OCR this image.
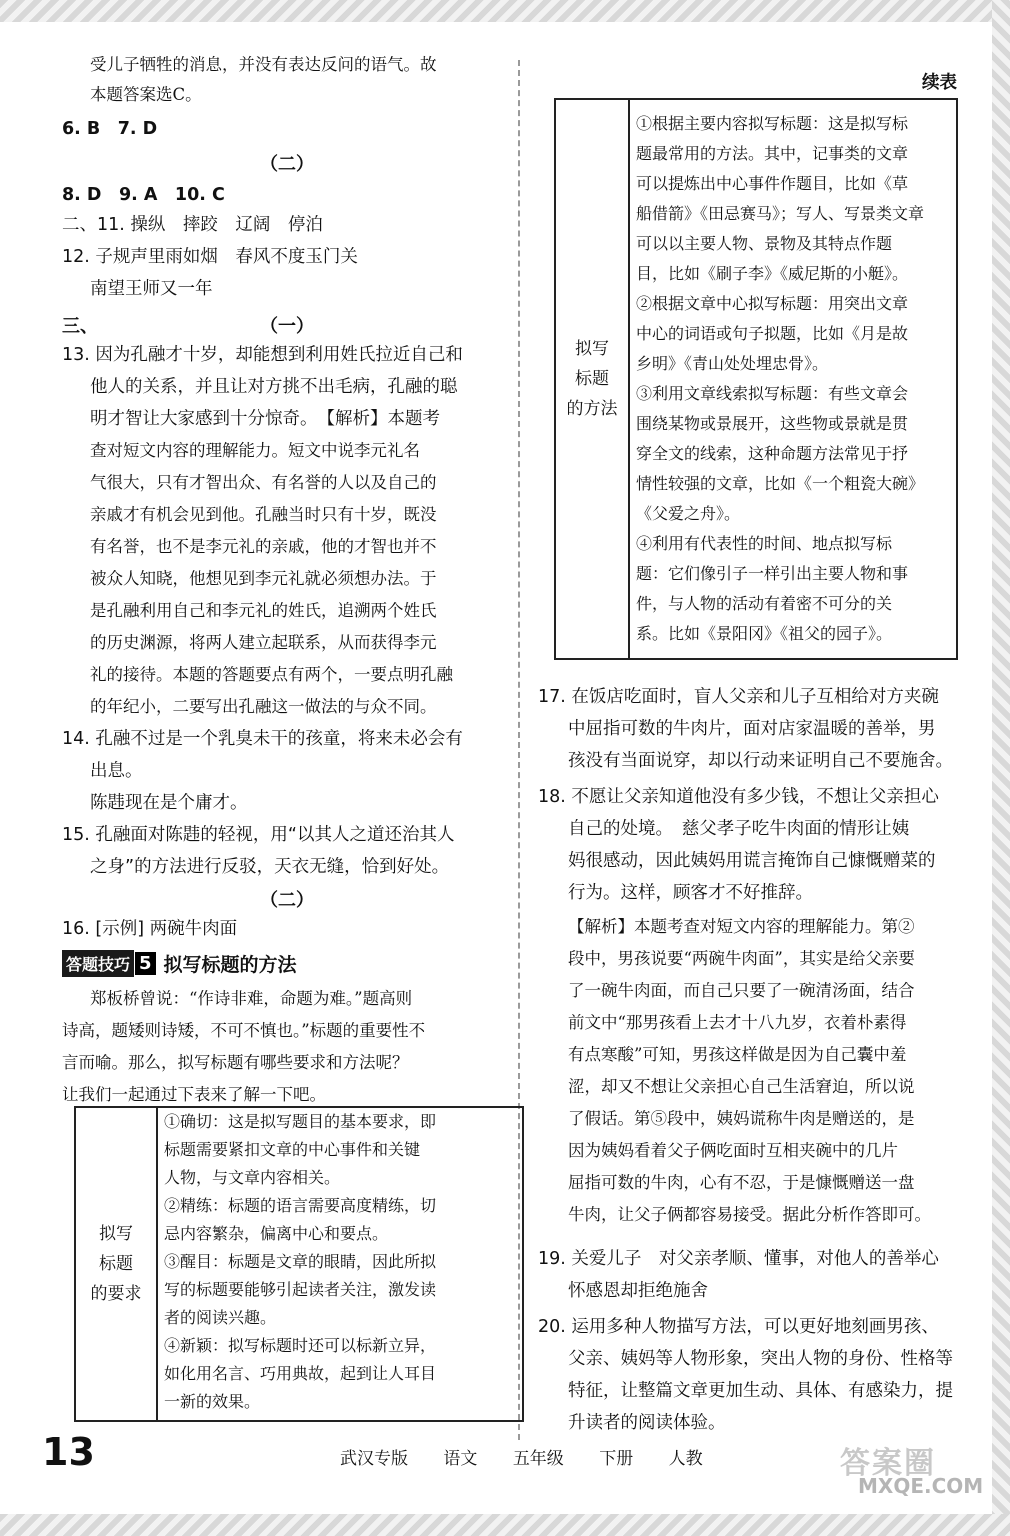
受儿子牺牲的消息，并没有表达反问的语气。故
本题答案选C。
6. B　7. D
（二）
8. D　9. A　10. C
二、11. 操纵　摔跤　辽阔　停泊
12. 子规声里雨如烟　春风不度玉门关
南望王师又一年
三、	（一）
13. 因为孔融才十岁，却能想到利用姓氏拉近自己和
他人的关系，并且让对方挑不出毛病，孔融的聪
明才智让大家感到十分惊奇。　【解析】本题考
查对短文内容的理解能力。短文中说李元礼名
气很大，只有才智出众、有名誉的人以及自己的
亲戚才有机会见到他。孔融当时只有十岁，既没
有名誉，也不是李元礼的亲戚，他的才智也并不
被众人知晓，他想见到李元礼就必须想办法。于
是孔融利用自己和李元礼的姓氏，追溯两个姓氏
的历史渊源，将两人建立起联系，从而获得李元
礼的接待。本题的答题要点有两个，一要点明孔融
的年纪小，二要写出孔融这一做法的与众不同。
14. 孔融不过是一个乳臭未干的孩童，将来未必会有
出息。
陈韪现在是个庸才。
15. 孔融面对陈韪的轻视，用“以其人之道还治其人
之身”的方法进行反驳，天衣无缝，恰到好处。
（二）
16. [示例] 两碗牛肉面
答题技巧 5 拟写标题的方法
郑板桥曾说：“作诗非难，命题为难。”题高则
诗高，题矮则诗矮，不可不慎也。”标题的重要性不
言而喻。那么，拟写标题有哪些要求和方法呢？
让我们一起通过下表来了解一下吧。
拟写
标题
的要求

①确切：这是拟写题目的基本要求，即
标题需要紧扣文章的中心事件和关键
人物，与文章内容相关。
②精练：标题的语言需要高度精练，切
忌内容繁杂，偏离中心和要点。
③醒目：标题是文章的眼睛，因此所拟
写的标题要能够引起读者关注，激发读
者的阅读兴趣。
④新颖：拟写标题时还可以标新立异，
如化用名言、巧用典故，起到让人耳目
一新的效果。
续表
拟写
标题
的方法

①根据主要内容拟写标题：这是拟写标
题最常用的方法。其中，记事类的文章
可以提炼出中心事件作题目，比如《草
船借箭》《田忌赛马》；写人、写景类文章
可以以主要人物、景物及其特点作题
目，比如《刷子李》《威尼斯的小艇》。
②根据文章中心拟写标题：用突出文章
中心的词语或句子拟题，比如《月是故
乡明》《青山处处埋忠骨》。
③利用文章线索拟写标题：有些文章会
围绕某物或景展开，这些物或景就是贯
穿全文的线索，这种命题方法常见于抒
情性较强的文章，比如《一个粗瓷大碗》
《父爱之舟》。
④利用有代表性的时间、地点拟写标
题：它们像引子一样引出主要人物和事
件，与人物的活动有着密不可分的关
系。比如《景阳冈》《祖父的园子》。
17. 在饭店吃面时，盲人父亲和儿子互相给对方夹碗
中屈指可数的牛肉片，面对店家温暖的善举，男
孩没有当面说穿，却以行动来证明自己不要施舍。
18. 不愿让父亲知道他没有多少钱，不想让父亲担心
自己的处境。　慈父孝子吃牛肉面的情形让姨
妈很感动，因此姨妈用谎言掩饰自己慷慨赠菜的
行为。这样，顾客才不好推辞。
【解析】本题考查对短文内容的理解能力。第②
段中，男孩说要“两碗牛肉面”，其实是给父亲要
了一碗牛肉面，而自己只要了一碗清汤面，结合
前文中“那男孩看上去才十八九岁，衣着朴素得
有点寒酸”可知，男孩这样做是因为自己囊中羞
涩，却又不想让父亲担心自己生活窘迫，所以说
了假话。第⑤段中，姨妈谎称牛肉是赠送的，是
因为姨妈看着父子俩吃面时互相夹碗中的几片
屈指可数的牛肉，心有不忍，于是慷慨赠送一盘
牛肉，让父子俩都容易接受。据此分析作答即可。
19. 关爱儿子　对父亲孝顺、懂事，对他人的善举心
怀感恩却拒绝施舍
20. 运用多种人物描写方法，可以更好地刻画男孩、
父亲、姨妈等人物形象，突出人物的身份、性格等
特征，让整篇文章更加生动、具体、有感染力，提
升读者的阅读体验。
13	武汉专版 语文 五年级 下册 人教	答案圈
MXQE.COM
